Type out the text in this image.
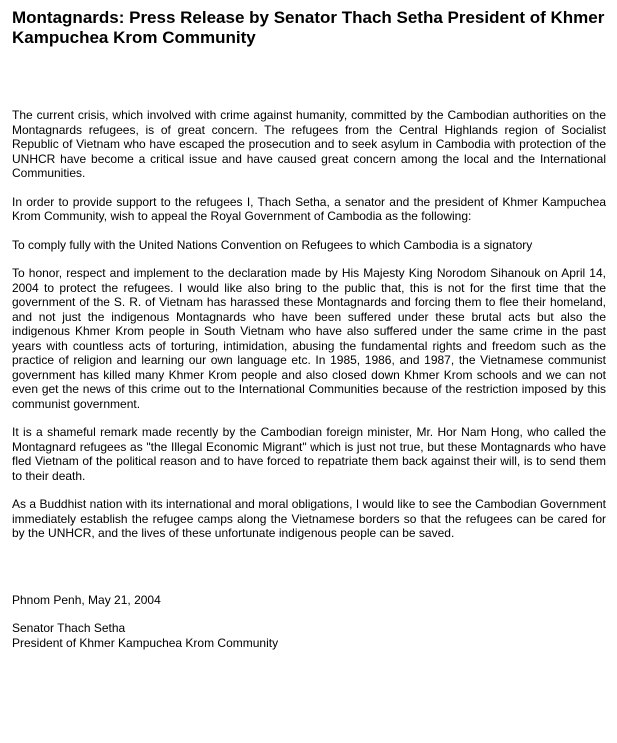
Montagnards: Press Release by Senator Thach Setha President of Khmer Kampuchea Krom Community

The current crisis, which involved with crime against humanity, committed by the Cambodian authorities on the Montagnards refugees, is of great concern. The refugees from the Central Highlands region of Socialist Republic of Vietnam who have escaped the prosecution and to seek asylum in Cambodia with protection of the UNHCR have become a critical issue and have caused great concern among the local and the International Communities.

In order to provide support to the refugees I, Thach Setha, a senator and the president of Khmer Kampuchea Krom Community, wish to appeal the Royal Government of Cambodia as the following:

To comply fully with the United Nations Convention on Refugees to which Cambodia is a signatory

To honor, respect and implement to the declaration made by His Majesty King Norodom Sihanouk on April 14, 2004 to protect the refugees. I would like also bring to the public that, this is not for the first time that the government of the S. R. of Vietnam has harassed these Montagnards and forcing them to flee their homeland, and not just the indigenous Montagnards who have been suffered under these brutal acts but also the indigenous Khmer Krom people in South Vietnam who have also suffered under the same crime in the past years with countless acts of torturing, intimidation, abusing the fundamental rights and freedom such as the practice of religion and learning our own language etc. In 1985, 1986, and 1987, the Vietnamese communist government has killed many Khmer Krom people and also closed down Khmer Krom schools and we can not even get the news of this crime out to the International Communities because of the restriction imposed by this communist government.

It is a shameful remark made recently by the Cambodian foreign minister, Mr. Hor Nam Hong, who called the Montagnard refugees as "the Illegal Economic Migrant" which is just not true, but these Montagnards who have fled Vietnam of the political reason and to have forced to repatriate them back against their will, is to send them to their death.

As a Buddhist nation with its international and moral obligations, I would like to see the Cambodian Government immediately establish the refugee camps along the Vietnamese borders so that the refugees can be cared for by the UNHCR, and the lives of these unfortunate indigenous people can be saved.

Phnom Penh, May 21, 2004

Senator Thach Setha
President of Khmer Kampuchea Krom Community
